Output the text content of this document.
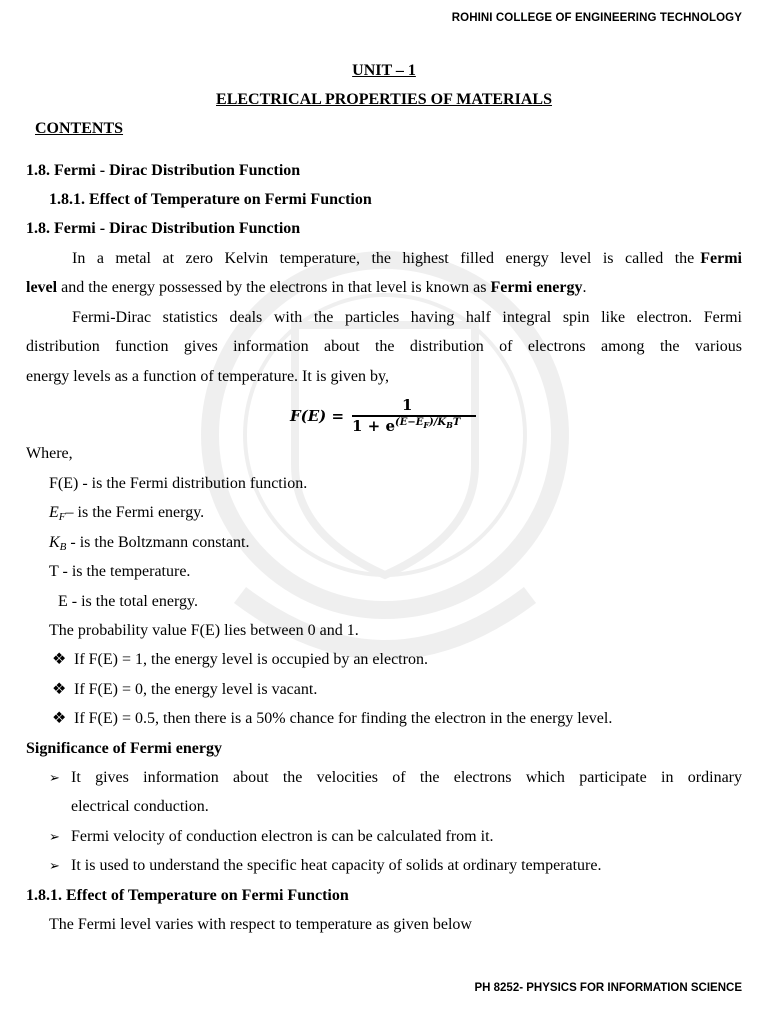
ROHINI COLLEGE OF ENGINEERING TECHNOLOGY
UNIT – 1
ELECTRICAL PROPERTIES OF MATERIALS
CONTENTS
1.8. Fermi - Dirac Distribution Function
1.8.1. Effect of Temperature on Fermi Function
1.8. Fermi - Dirac Distribution Function
In a metal at zero Kelvin temperature, the highest filled energy level is called the Fermi
level and the energy possessed by the electrons in that level is known as Fermi energy.
Fermi-Dirac statistics deals with the particles having half integral spin like electron. Fermi
distribution function gives information about the distribution of electrons among the various
energy levels as a function of temperature. It is given by,
F(E) =
1
$1 + e^{(E-E_F)/K_BT}$
Where,
F(E) - is the Fermi distribution function.
$E_F-$ is the Fermi energy.
$K_B$ - is the Boltzmann constant.
T - is the temperature.
E - is the total energy.
The probability value F(E) lies between 0 and 1.
❖ If F(E) = 1, the energy level is occupied by an electron.
❖ If F(E) = 0, the energy level is vacant.
❖ If F(E) = 0.5, then there is a 50% chance for finding the electron in the energy level.
Significance of Fermi energy
➢ It gives information about the velocities of the electrons which participate in ordinary
electrical conduction.
➢ Fermi velocity of conduction electron is can be calculated from it.
➢ It is used to understand the specific heat capacity of solids at ordinary temperature.
1.8.1. Effect of Temperature on Fermi Function
The Fermi level varies with respect to temperature as given below
PH 8252- PHYSICS FOR INFORMATION SCIENCE
